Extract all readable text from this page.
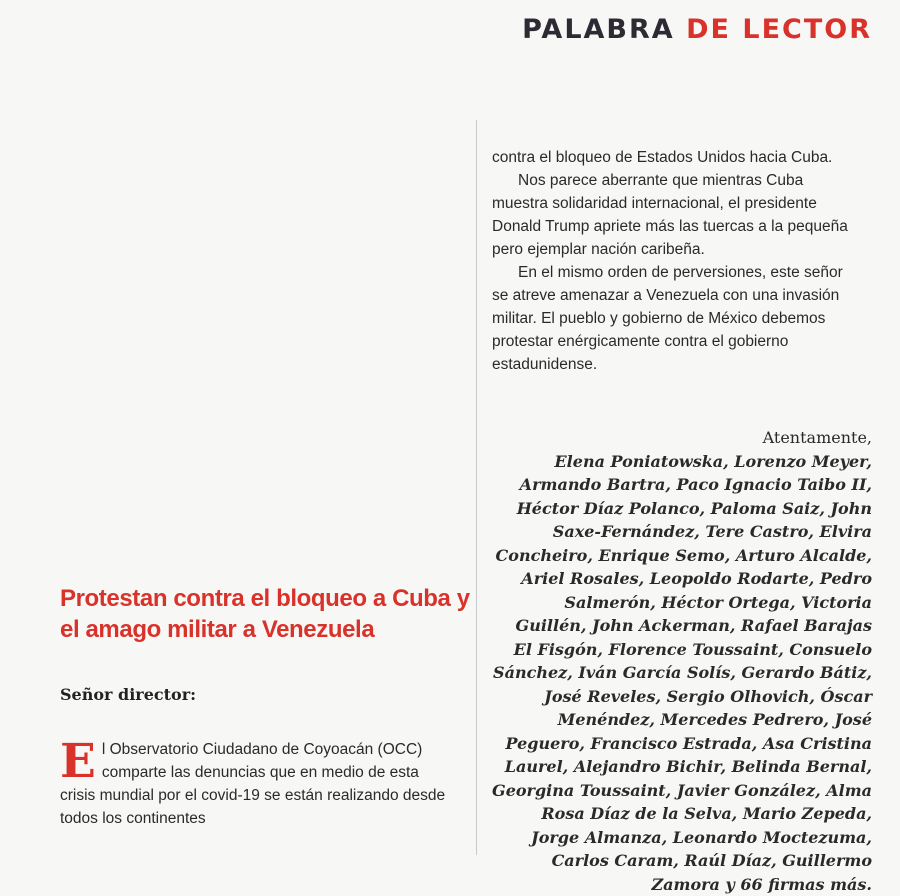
PALABRA DE LECTOR
Protestan contra el bloqueo a Cuba y el amago militar a Venezuela
Señor director:
El Observatorio Ciudadano de Coyoacán (OCC) comparte las denuncias que en medio de esta crisis mundial por el covid-19 se están realizando desde todos los continentes

contra el bloqueo de Estados Unidos hacia Cuba.

Nos parece aberrante que mientras Cuba muestra solidaridad internacional, el presidente Donald Trump apriete más las tuercas a la pequeña pero ejemplar nación caribeña.

En el mismo orden de perversiones, este señor se atreve amenazar a Venezuela con una invasión militar. El pueblo y gobierno de México debemos protestar enérgicamente contra el gobierno estadunidense.

Atentamente,
Elena Poniatowska, Lorenzo Meyer, Armando Bartra, Paco Ignacio Taibo II, Héctor Díaz Polanco, Paloma Saiz, John Saxe-Fernández, Tere Castro, Elvira Concheiro, Enrique Semo, Arturo Alcalde, Ariel Rosales, Leopoldo Rodarte, Pedro Salmerón, Héctor Ortega, Victoria Guillén, John Ackerman, Rafael Barajas El Fisgón, Florence Toussaint, Consuelo Sánchez, Iván García Solís, Gerardo Bátiz, José Reveles, Sergio Olhovich, Óscar Menéndez, Mercedes Pedrero, José Peguero, Francisco Estrada, Asa Cristina Laurel, Alejandro Bichir, Belinda Bernal, Georgina Toussaint, Javier González, Alma Rosa Díaz de la Selva, Mario Zepeda, Jorge Almanza, Leonardo Moctezuma, Carlos Caram, Raúl Díaz, Guillermo Zamora y 66 firmas más.
